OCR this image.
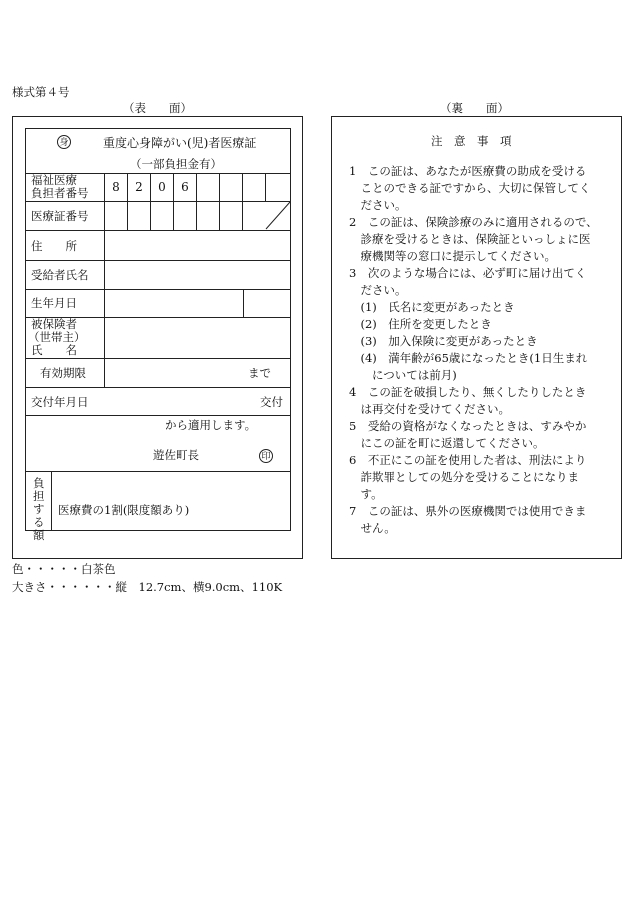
様式第４号
（表　　面）	（裏　　面）
身	重度心身障がい(児)者医療証
（一部負担金有）
福祉医療
負担者番号	8	2	0	6
医療証番号
住　　所
受給者氏名
生年月日
被保険者
（世帯主）
氏　　名
有効期限	まで
交付年月日	交付
から適用します。
遊佐町長	印
負
担
す
る
額
医療費の1割(限度額あり)
注　意　事　項
1　この証は、あなたが医療費の助成を受ける
　ことのできる証ですから、大切に保管してく
　ださい。
2　この証は、保険診療のみに適用されるので、
　診療を受けるときは、保険証といっしょに医
　療機関等の窓口に提示してください。
3　次のような場合には、必ず町に届け出てく
　ださい。
　(1)　氏名に変更があったとき
　(2)　住所を変更したとき
　(3)　加入保険に変更があったとき
　(4)　満年齢が65歳になったとき(1日生まれ
　　については前月)
4　この証を破損したり、無くしたりしたとき
　は再交付を受けてください。
5　受給の資格がなくなったときは、すみやか
　にこの証を町に返還してください。
6　不正にこの証を使用した者は、刑法により
　詐欺罪としての処分を受けることになりま
　す。
7　この証は、県外の医療機関では使用できま
　せん。
色・・・・・白茶色
大きさ・・・・・・縦　12.7cm、横9.0cm、110K
